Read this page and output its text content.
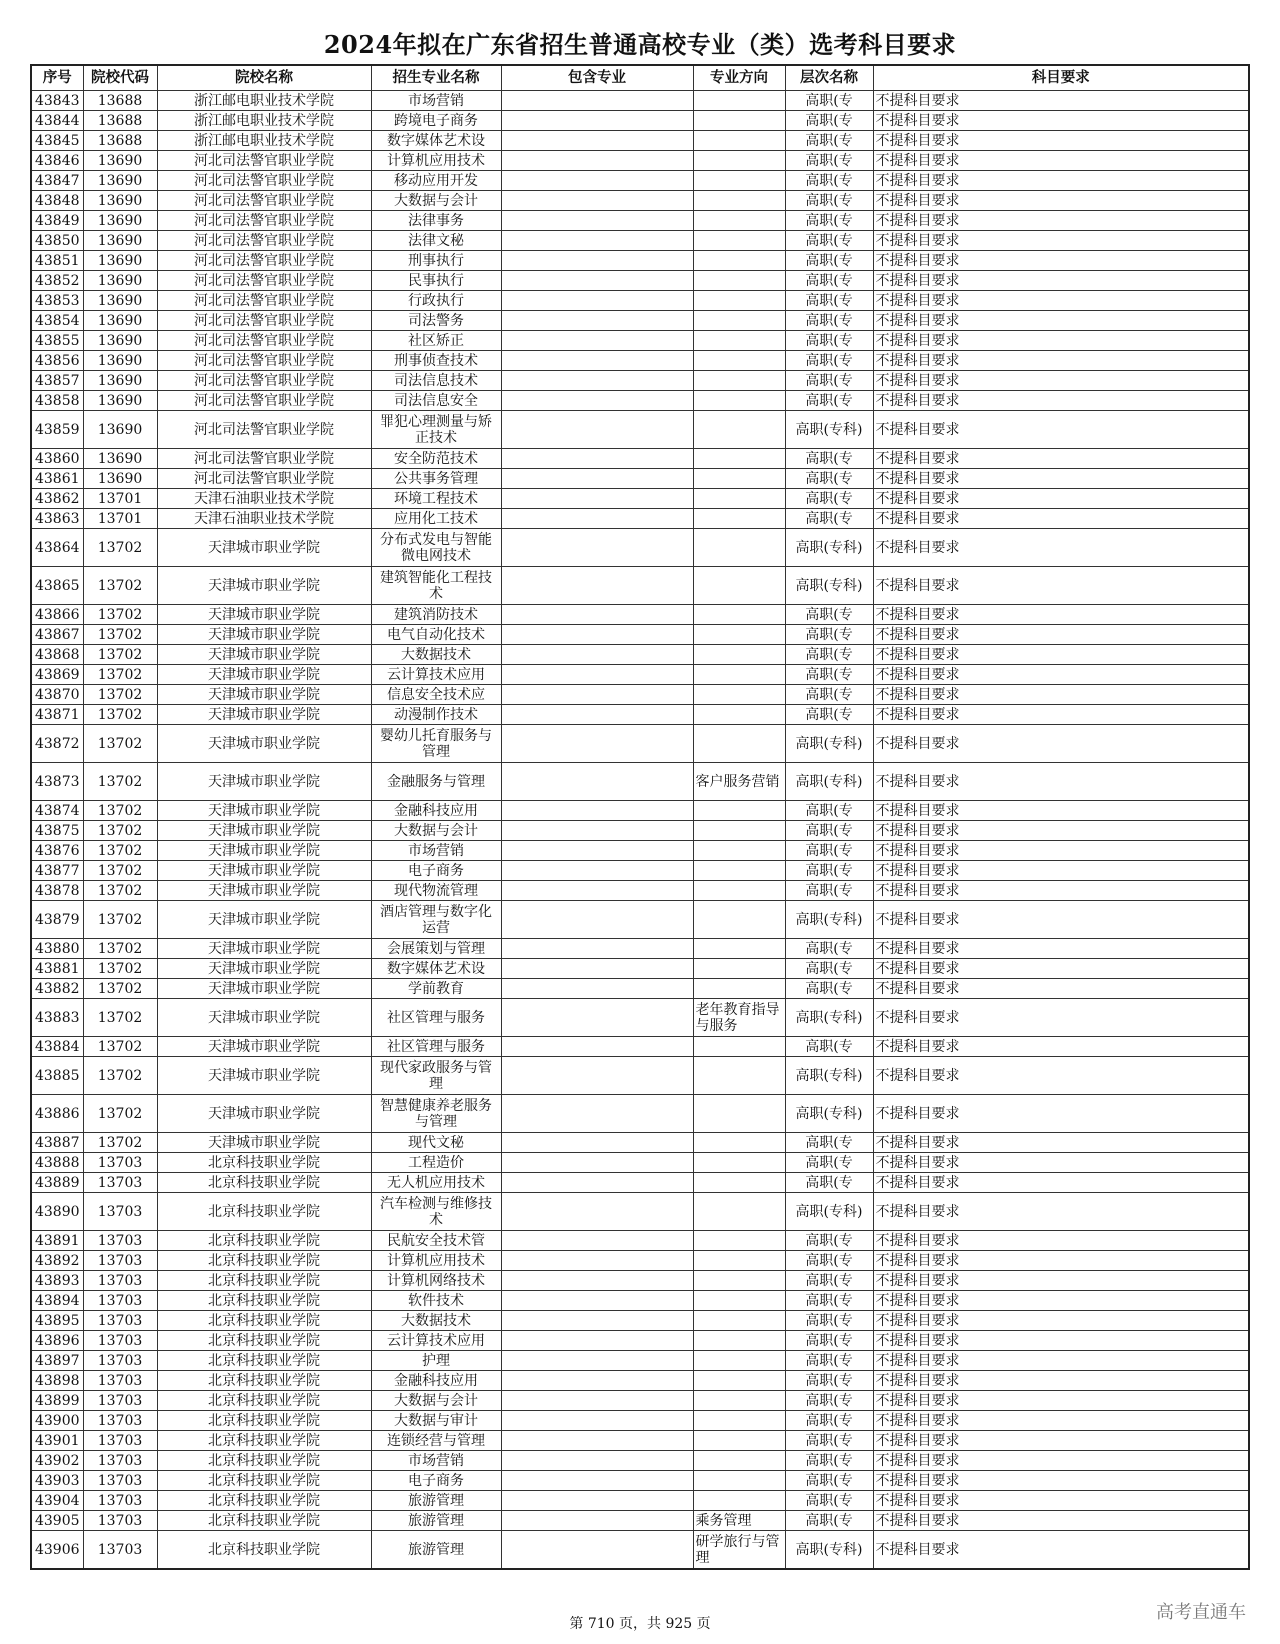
2024年拟在广东省招生普通高校专业（类）选考科目要求
序号	院校代码	院校名称	招生专业名称	包含专业	专业方向	层次名称	科目要求
43843	13688	浙江邮电职业技术学院	市场营销			高职(专	不提科目要求
43844	13688	浙江邮电职业技术学院	跨境电子商务			高职(专	不提科目要求
43845	13688	浙江邮电职业技术学院	数字媒体艺术设			高职(专	不提科目要求
43846	13690	河北司法警官职业学院	计算机应用技术			高职(专	不提科目要求
43847	13690	河北司法警官职业学院	移动应用开发			高职(专	不提科目要求
43848	13690	河北司法警官职业学院	大数据与会计			高职(专	不提科目要求
43849	13690	河北司法警官职业学院	法律事务			高职(专	不提科目要求
43850	13690	河北司法警官职业学院	法律文秘			高职(专	不提科目要求
43851	13690	河北司法警官职业学院	刑事执行			高职(专	不提科目要求
43852	13690	河北司法警官职业学院	民事执行			高职(专	不提科目要求
43853	13690	河北司法警官职业学院	行政执行			高职(专	不提科目要求
43854	13690	河北司法警官职业学院	司法警务			高职(专	不提科目要求
43855	13690	河北司法警官职业学院	社区矫正			高职(专	不提科目要求
43856	13690	河北司法警官职业学院	刑事侦查技术			高职(专	不提科目要求
43857	13690	河北司法警官职业学院	司法信息技术			高职(专	不提科目要求
43858	13690	河北司法警官职业学院	司法信息安全			高职(专	不提科目要求
43859	13690	河北司法警官职业学院	罪犯心理测量与矫正技术			高职(专科)	不提科目要求
43860	13690	河北司法警官职业学院	安全防范技术			高职(专	不提科目要求
43861	13690	河北司法警官职业学院	公共事务管理			高职(专	不提科目要求
43862	13701	天津石油职业技术学院	环境工程技术			高职(专	不提科目要求
43863	13701	天津石油职业技术学院	应用化工技术			高职(专	不提科目要求
43864	13702	天津城市职业学院	分布式发电与智能微电网技术			高职(专科)	不提科目要求
43865	13702	天津城市职业学院	建筑智能化工程技术			高职(专科)	不提科目要求
43866	13702	天津城市职业学院	建筑消防技术			高职(专	不提科目要求
43867	13702	天津城市职业学院	电气自动化技术			高职(专	不提科目要求
43868	13702	天津城市职业学院	大数据技术			高职(专	不提科目要求
43869	13702	天津城市职业学院	云计算技术应用			高职(专	不提科目要求
43870	13702	天津城市职业学院	信息安全技术应			高职(专	不提科目要求
43871	13702	天津城市职业学院	动漫制作技术			高职(专	不提科目要求
43872	13702	天津城市职业学院	婴幼儿托育服务与管理			高职(专科)	不提科目要求
43873	13702	天津城市职业学院	金融服务与管理		客户服务营销	高职(专科)	不提科目要求
43874	13702	天津城市职业学院	金融科技应用			高职(专	不提科目要求
43875	13702	天津城市职业学院	大数据与会计			高职(专	不提科目要求
43876	13702	天津城市职业学院	市场营销			高职(专	不提科目要求
43877	13702	天津城市职业学院	电子商务			高职(专	不提科目要求
43878	13702	天津城市职业学院	现代物流管理			高职(专	不提科目要求
43879	13702	天津城市职业学院	酒店管理与数字化运营			高职(专科)	不提科目要求
43880	13702	天津城市职业学院	会展策划与管理			高职(专	不提科目要求
43881	13702	天津城市职业学院	数字媒体艺术设			高职(专	不提科目要求
43882	13702	天津城市职业学院	学前教育			高职(专	不提科目要求
43883	13702	天津城市职业学院	社区管理与服务		老年教育指导与服务	高职(专科)	不提科目要求
43884	13702	天津城市职业学院	社区管理与服务			高职(专	不提科目要求
43885	13702	天津城市职业学院	现代家政服务与管理			高职(专科)	不提科目要求
43886	13702	天津城市职业学院	智慧健康养老服务与管理			高职(专科)	不提科目要求
43887	13702	天津城市职业学院	现代文秘			高职(专	不提科目要求
43888	13703	北京科技职业学院	工程造价			高职(专	不提科目要求
43889	13703	北京科技职业学院	无人机应用技术			高职(专	不提科目要求
43890	13703	北京科技职业学院	汽车检测与维修技术			高职(专科)	不提科目要求
43891	13703	北京科技职业学院	民航安全技术管			高职(专	不提科目要求
43892	13703	北京科技职业学院	计算机应用技术			高职(专	不提科目要求
43893	13703	北京科技职业学院	计算机网络技术			高职(专	不提科目要求
43894	13703	北京科技职业学院	软件技术			高职(专	不提科目要求
43895	13703	北京科技职业学院	大数据技术			高职(专	不提科目要求
43896	13703	北京科技职业学院	云计算技术应用			高职(专	不提科目要求
43897	13703	北京科技职业学院	护理			高职(专	不提科目要求
43898	13703	北京科技职业学院	金融科技应用			高职(专	不提科目要求
43899	13703	北京科技职业学院	大数据与会计			高职(专	不提科目要求
43900	13703	北京科技职业学院	大数据与审计			高职(专	不提科目要求
43901	13703	北京科技职业学院	连锁经营与管理			高职(专	不提科目要求
43902	13703	北京科技职业学院	市场营销			高职(专	不提科目要求
43903	13703	北京科技职业学院	电子商务			高职(专	不提科目要求
43904	13703	北京科技职业学院	旅游管理			高职(专	不提科目要求
43905	13703	北京科技职业学院	旅游管理		乘务管理	高职(专	不提科目要求
43906	13703	北京科技职业学院	旅游管理		研学旅行与管理	高职(专科)	不提科目要求
第 710 页，共 925 页
高考直通车
